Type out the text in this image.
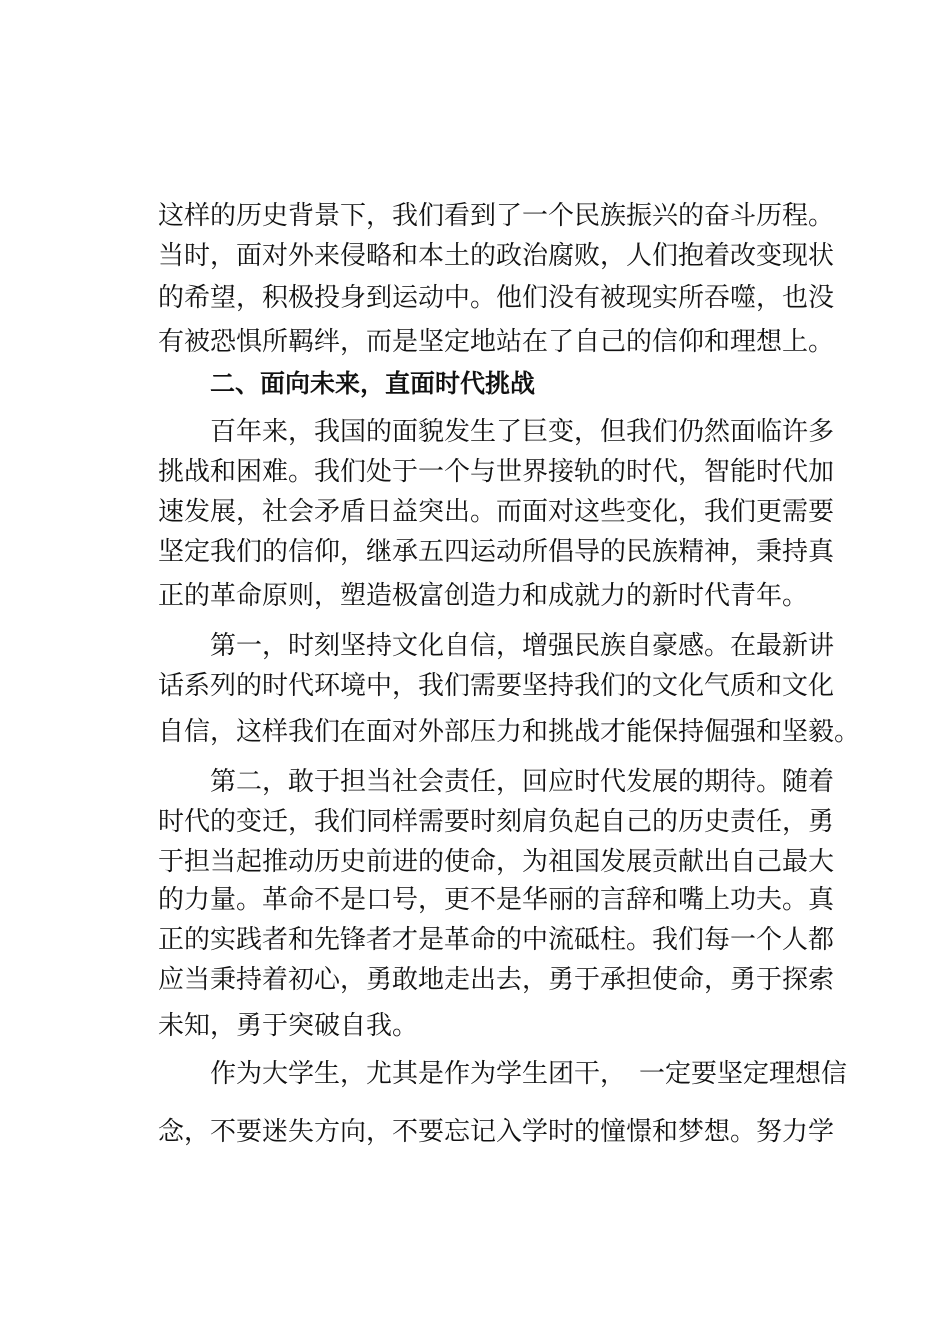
这样的历史背景下，我们看到了一个民族振兴的奋斗历程。
当时，面对外来侵略和本土的政治腐败，人们抱着改变现状
的希望，积极投身到运动中。他们没有被现实所吞噬，也没
有被恐惧所羁绊，而是坚定地站在了自己的信仰和理想上。
二、面向未来，直面时代挑战
百年来，我国的面貌发生了巨变，但我们仍然面临许多
挑战和困难。我们处于一个与世界接轨的时代，智能时代加
速发展，社会矛盾日益突出。而面对这些变化，我们更需要
坚定我们的信仰，继承五四运动所倡导的民族精神，秉持真
正的革命原则，塑造极富创造力和成就力的新时代青年。
第一，时刻坚持文化自信，增强民族自豪感。在最新讲
话系列的时代环境中，我们需要坚持我们的文化气质和文化
自信，这样我们在面对外部压力和挑战才能保持倔强和坚毅。
第二，敢于担当社会责任，回应时代发展的期待。随着
时代的变迁，我们同样需要时刻肩负起自己的历史责任，勇
于担当起推动历史前进的使命，为祖国发展贡献出自己最大
的力量。革命不是口号，更不是华丽的言辞和嘴上功夫。真
正的实践者和先锋者才是革命的中流砥柱。我们每一个人都
应当秉持着初心，勇敢地走出去，勇于承担使命，勇于探索
未知，勇于突破自我。
作为大学生，尤其是作为学生团干，　一定要坚定理想信
念，不要迷失方向，不要忘记入学时的憧憬和梦想。努力学
